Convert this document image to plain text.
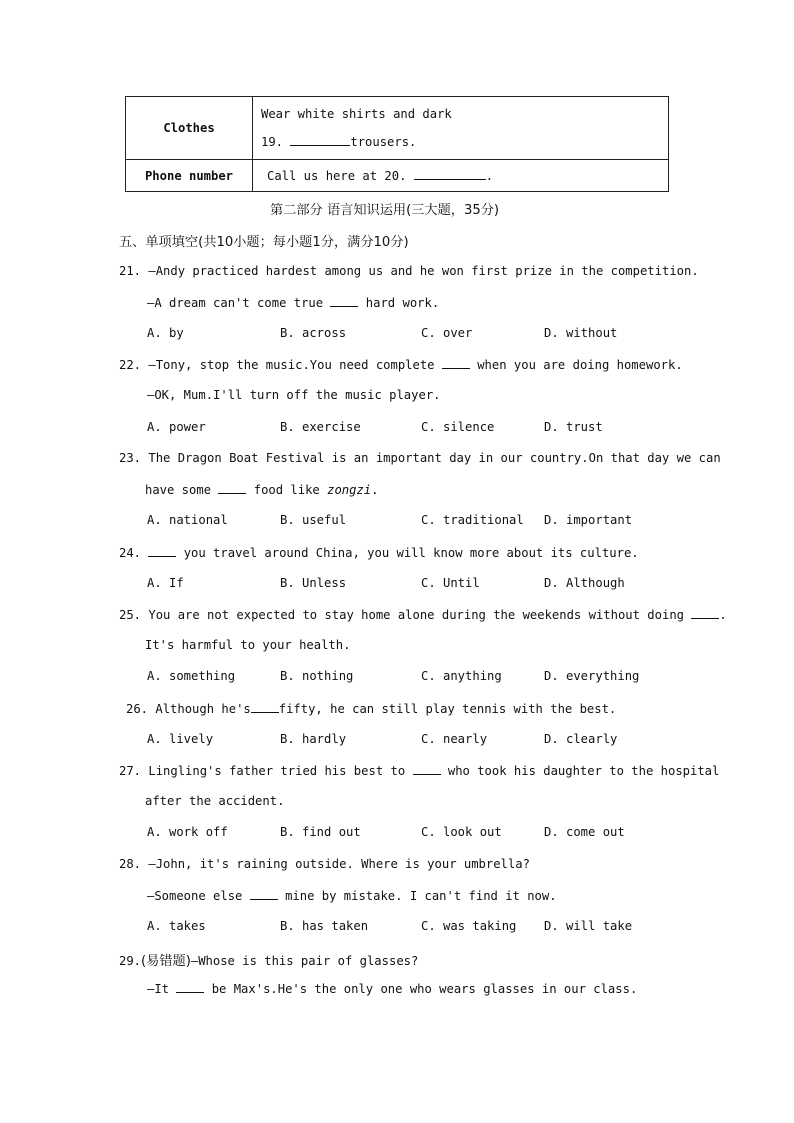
Clothes	Wear white shirts and dark
19. trousers.

Phone number	Call us here at 20. .
第二部分 语言知识运用(三大题，35分)
五、单项填空(共10小题；每小题1分，满分10分)
21. —Andy practiced hardest among us and he won first prize in the competition.
—A dream can't come true	hard work.
A. by	B. across	C. over	D. without
22. —Tony, stop the music.You need complete	when you are doing homework.
—OK, Mum.I'll turn off the music player.
A. power	B. exercise	C. silence	D. trust
23. The Dragon Boat Festival is an important day in our country.On that day we can
have some	food like zongzi.
A. national	B. useful	C. traditional D. important
24.	you travel around China, you will know more about its culture.
A. If	B. Unless	C. Until	D. Although
25. You are not expected to stay home alone during the weekends without doing	.
It's harmful to your health.
A. something	B. nothing	C. anything	D. everything
26. Although he's fifty, he can still play tennis with the best.
A. lively	B. hardly	C. nearly	D. clearly
27. Lingling's father tried his best to	who took his daughter to the hospital
after the accident.
A. work off	B. find out	C. look out	D. come out
28. —John, it's raining outside. Where is your umbrella?
—Someone else	mine by mistake. I can't find it now.
A. takes	B. has taken	C. was taking D. will take
29.(易错题)—Whose is this pair of glasses?
—It	be Max's.He's the only one who wears glasses in our class.
